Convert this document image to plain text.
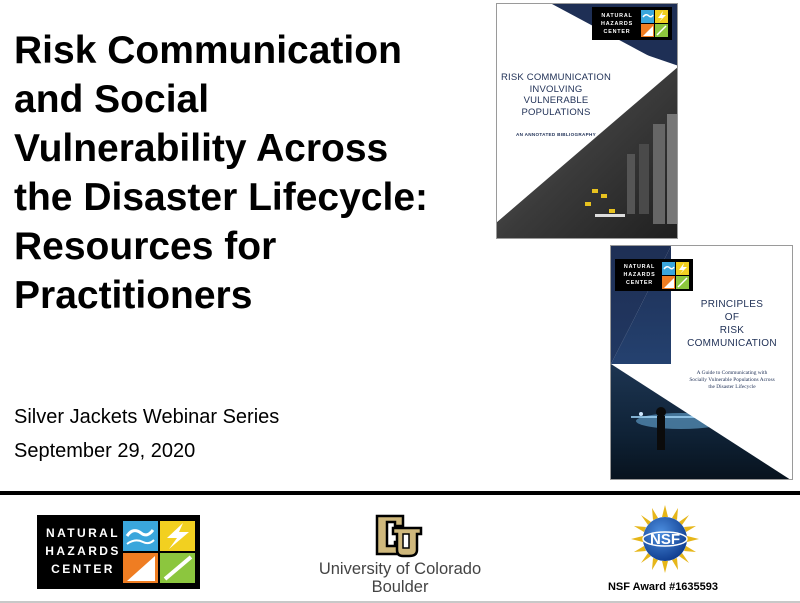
Risk Communication
and Social
Vulnerability Across
the Disaster Lifecycle:
Resources for
Practitioners
Silver Jackets Webinar Series
September 29, 2020
NATURAL
HAZARDS
CENTER
RISK COMMUNICATION
INVOLVING
VULNERABLE
POPULATIONS
AN ANNOTATED BIBLIOGRAPHY
NATURAL
HAZARDS
CENTER
PRINCIPLES
OF
RISK
COMMUNICATION
A Guide to Communicating with
Socially Vulnerable Populations Across
the Disaster Lifecycle
NATURAL
HAZARDS
CENTER	University of Colorado
Boulder
NSF
NSF Award #1635593
